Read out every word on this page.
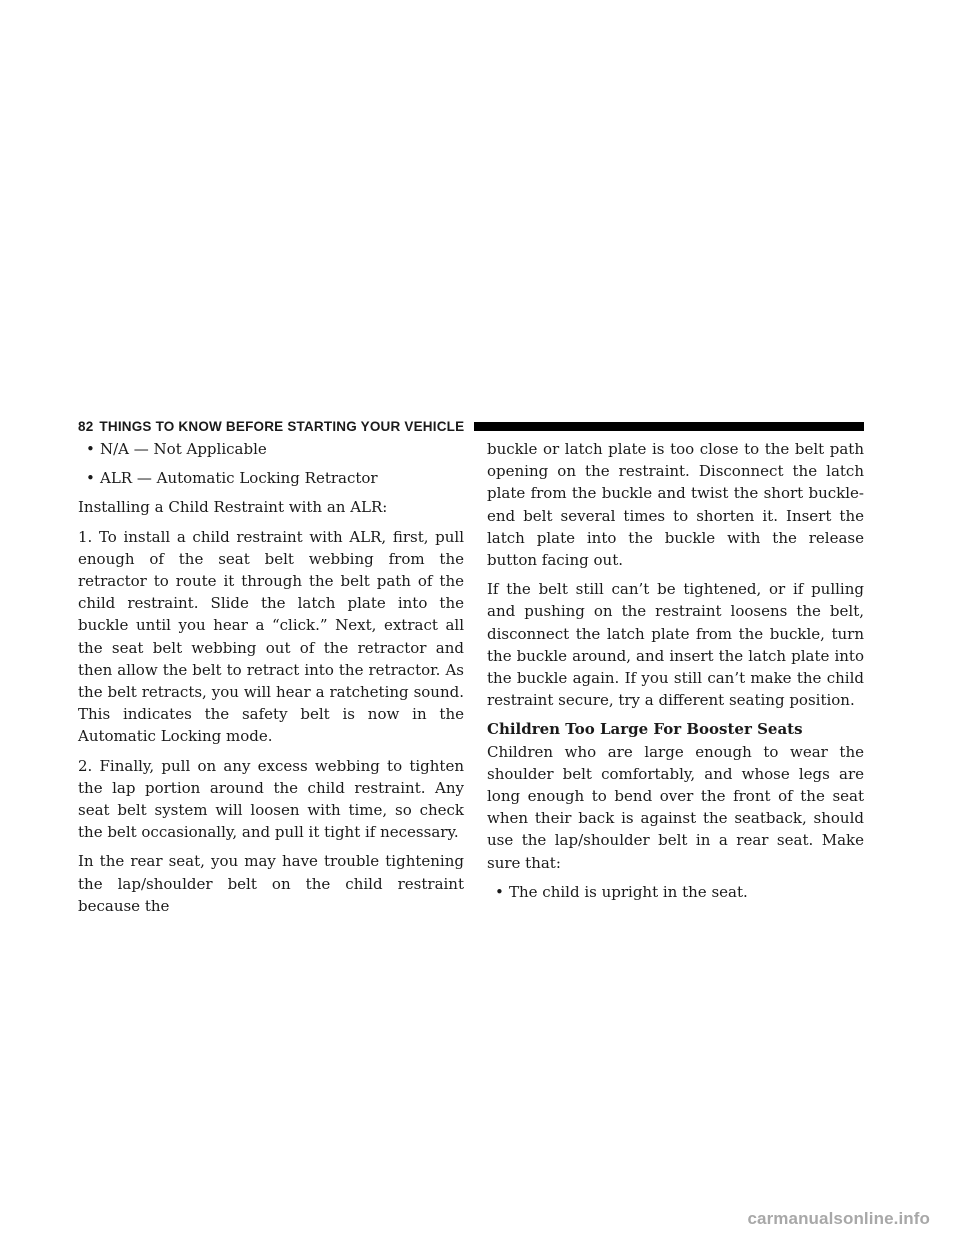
82 THINGS TO KNOW BEFORE STARTING YOUR VEHICLE
• N/A — Not Applicable
• ALR — Automatic Locking Retractor

Installing a Child Restraint with an ALR:

1. To install a child restraint with ALR, first, pull enough of the seat belt webbing from the retractor to route it through the belt path of the child restraint. Slide the latch plate into the buckle until you hear a “click.” Next, extract all the seat belt webbing out of the retractor and then allow the belt to retract into the retractor. As the belt retracts, you will hear a ratcheting sound. This indicates the safety belt is now in the Automatic Locking mode.

2. Finally, pull on any excess webbing to tighten the lap portion around the child restraint. Any seat belt system will loosen with time, so check the belt occasionally, and pull it tight if necessary.

In the rear seat, you may have trouble tightening the lap/shoulder belt on the child restraint because the

buckle or latch plate is too close to the belt path opening on the restraint. Disconnect the latch plate from the buckle and twist the short buckle-end belt several times to shorten it. Insert the latch plate into the buckle with the release button facing out.

If the belt still can’t be tightened, or if pulling and pushing on the restraint loosens the belt, disconnect the latch plate from the buckle, turn the buckle around, and insert the latch plate into the buckle again. If you still can’t make the child restraint secure, try a different seating position.

Children Too Large For Booster Seats

Children who are large enough to wear the shoulder belt comfortably, and whose legs are long enough to bend over the front of the seat when their back is against the seatback, should use the lap/shoulder belt in a rear seat. Make sure that:

• The child is upright in the seat.
carmanualsonline.info
